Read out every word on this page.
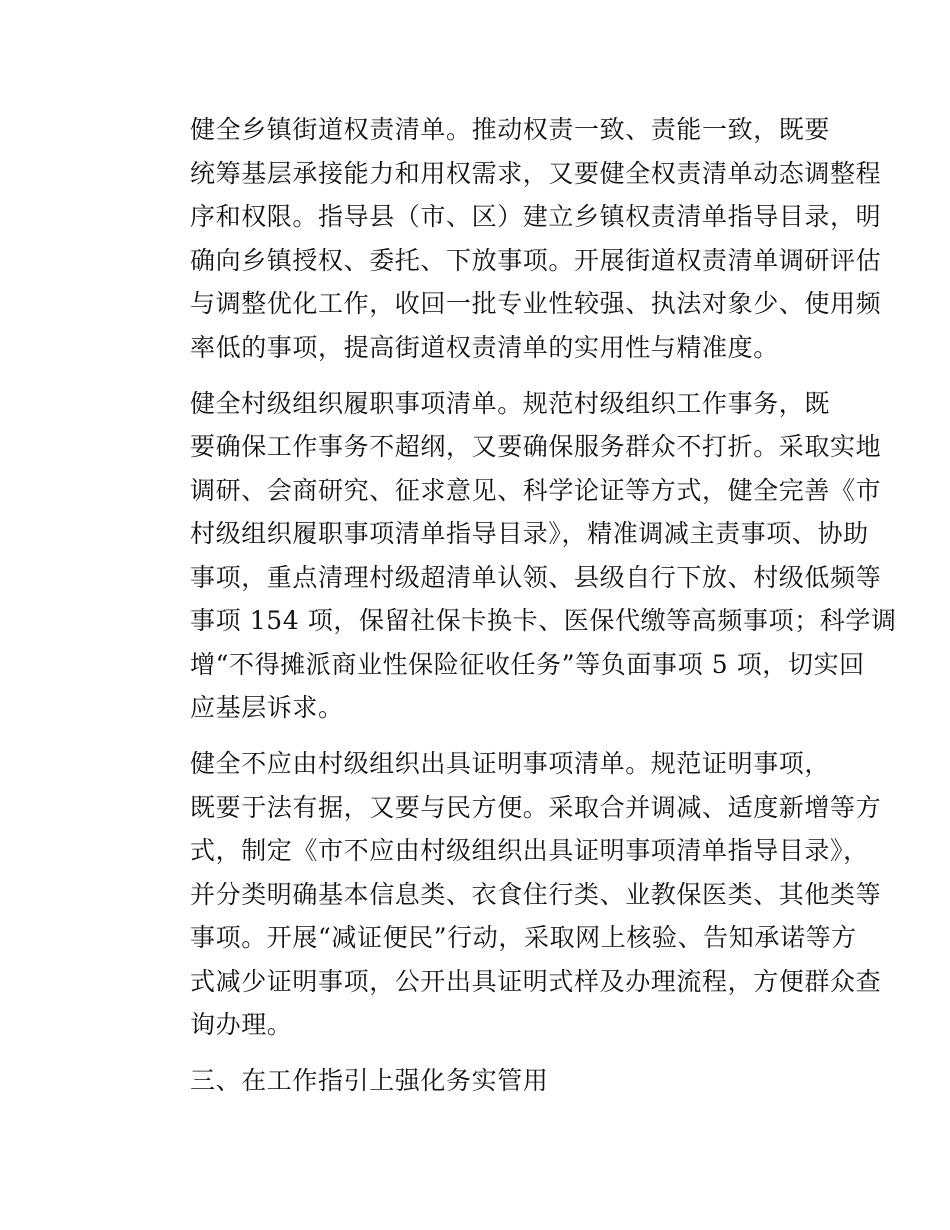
健全乡镇街道权责清单。推动权责一致、责能一致，既要
统筹基层承接能力和用权需求，又要健全权责清单动态调整程
序和权限。指导县（市、区）建立乡镇权责清单指导目录，明
确向乡镇授权、委托、下放事项。开展街道权责清单调研评估
与调整优化工作，收回一批专业性较强、执法对象少、使用频
率低的事项，提高街道权责清单的实用性与精准度。
健全村级组织履职事项清单。规范村级组织工作事务，既
要确保工作事务不超纲，又要确保服务群众不打折。采取实地
调研、会商研究、征求意见、科学论证等方式，健全完善《市
村级组织履职事项清单指导目录》，精准调减主责事项、协助
事项，重点清理村级超清单认领、县级自行下放、村级低频等
事项 154 项，保留社保卡换卡、医保代缴等高频事项；科学调
增“不得摊派商业性保险征收任务”等负面事项 5 项，切实回
应基层诉求。
健全不应由村级组织出具证明事项清单。规范证明事项，
既要于法有据，又要与民方便。采取合并调减、适度新增等方
式，制定《市不应由村级组织出具证明事项清单指导目录》，
并分类明确基本信息类、衣食住行类、业教保医类、其他类等
事项。开展“减证便民”行动，采取网上核验、告知承诺等方
式减少证明事项，公开出具证明式样及办理流程，方便群众查
询办理。
三、在工作指引上强化务实管用
